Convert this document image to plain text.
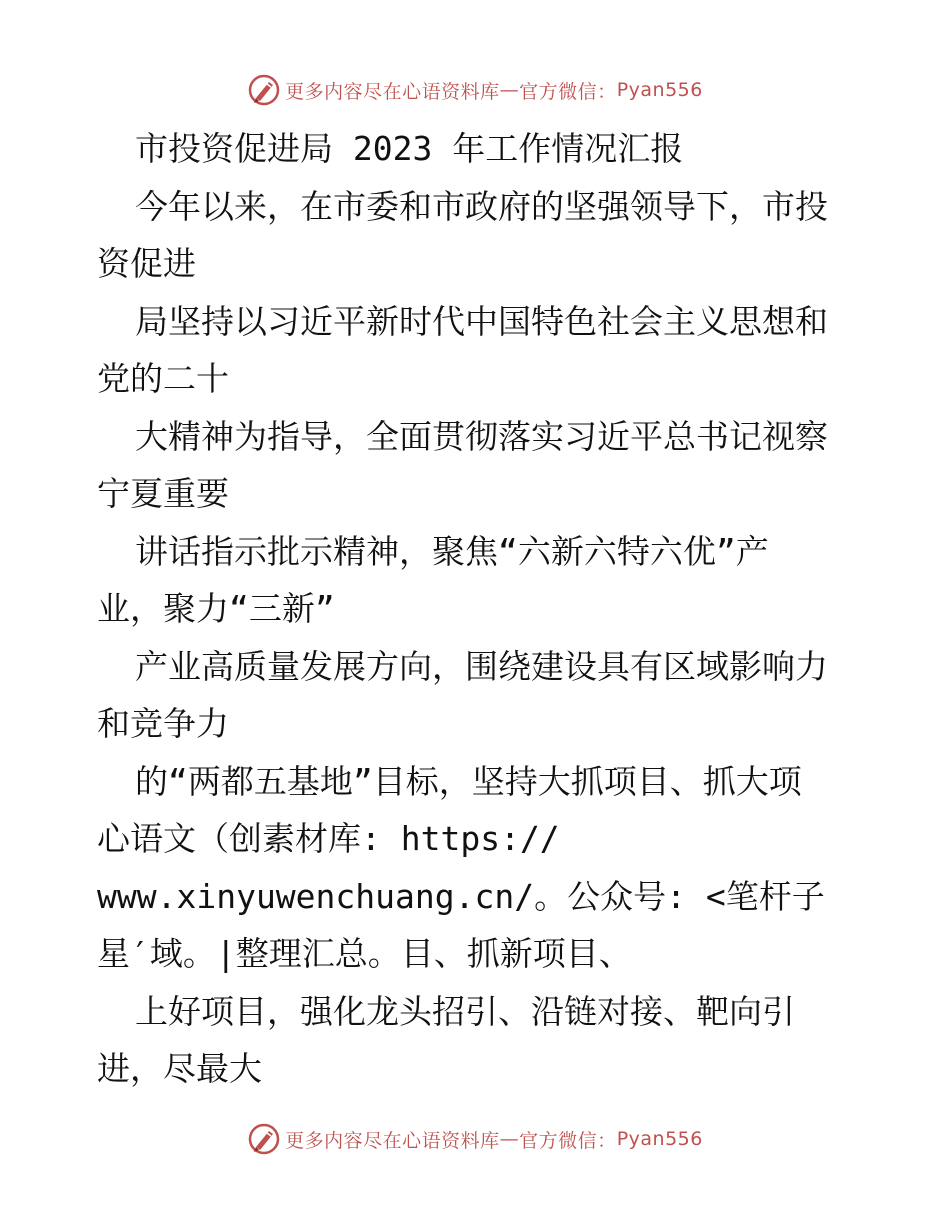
更多内容尽在心语资料库 — 官方微信： Pyan556
市投资促进局 2023 年工作情况汇报
今年以来，在市委和市政府的坚强领导下，市投
资促进
局坚持以习近平新时代中国特色社会主义思想和
党的二十
大精神为指导，全面贯彻落实习近平总书记视察
宁夏重要
讲话指示批示精神，聚焦“六新六特六优”产
业，聚力“三新”
产业高质量发展方向，围绕建设具有区域影响力
和竞争力
的“两都五基地”目标，坚持大抓项目、抓大项
心语文（创素材库: https://
www.xinyuwenchuang.cn/。公众号: <笔杆子
星′域。|整理汇总。目、抓新项目、
上好项目，强化龙头招引、沿链对接、靶向引
进，尽最大
更多内容尽在心语资料库 — 官方微信： Pyan556
